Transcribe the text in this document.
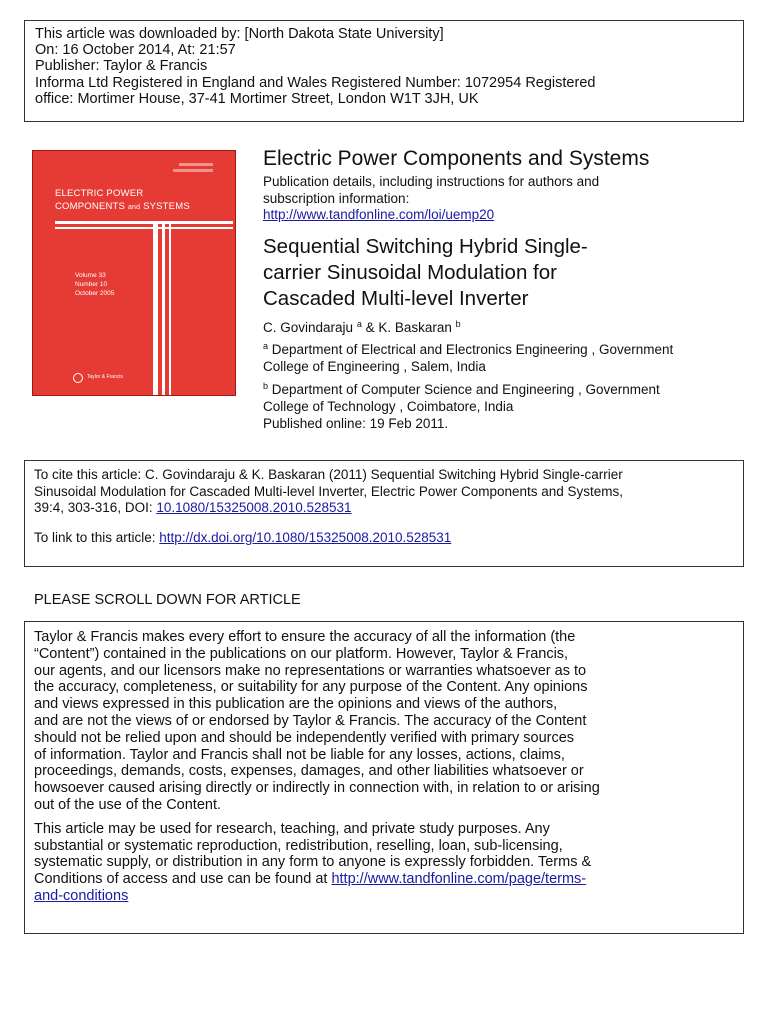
This article was downloaded by: [North Dakota State University]
On: 16 October 2014, At: 21:57
Publisher: Taylor & Francis
Informa Ltd Registered in England and Wales Registered Number: 1072954 Registered
office: Mortimer House, 37-41 Mortimer Street, London W1T 3JH, UK
ELECTRIC POWER
COMPONENTS and SYSTEMS
Volume 33
Number 10
October 2005
Taylor & Francis
Electric Power Components and Systems
Publication details, including instructions for authors and
subscription information:
http://www.tandfonline.com/loi/uemp20
Sequential Switching Hybrid Single-
carrier Sinusoidal Modulation for
Cascaded Multi-level Inverter
C. Govindaraju $^a$ & K. Baskaran $^b$
$^a$ Department of Electrical and Electronics Engineering , Government
College of Engineering , Salem, India
$^b$ Department of Computer Science and Engineering , Government
College of Technology , Coimbatore, India
Published online: 19 Feb 2011.
To cite this article: C. Govindaraju & K. Baskaran (2011) Sequential Switching Hybrid Single-carrier
Sinusoidal Modulation for Cascaded Multi-level Inverter, Electric Power Components and Systems,
39:4, 303-316, DOI: 10.1080/15325008.2010.528531
To link to this article: http://dx.doi.org/10.1080/15325008.2010.528531
PLEASE SCROLL DOWN FOR ARTICLE
Taylor & Francis makes every effort to ensure the accuracy of all the information (the
“Content”) contained in the publications on our platform. However, Taylor & Francis,
our agents, and our licensors make no representations or warranties whatsoever as to
the accuracy, completeness, or suitability for any purpose of the Content. Any opinions
and views expressed in this publication are the opinions and views of the authors,
and are not the views of or endorsed by Taylor & Francis. The accuracy of the Content
should not be relied upon and should be independently verified with primary sources
of information. Taylor and Francis shall not be liable for any losses, actions, claims,
proceedings, demands, costs, expenses, damages, and other liabilities whatsoever or
howsoever caused arising directly or indirectly in connection with, in relation to or arising
out of the use of the Content.
This article may be used for research, teaching, and private study purposes. Any
substantial or systematic reproduction, redistribution, reselling, loan, sub-licensing,
systematic supply, or distribution in any form to anyone is expressly forbidden. Terms &
Conditions of access and use can be found at http://www.tandfonline.com/page/terms-
and-conditions
